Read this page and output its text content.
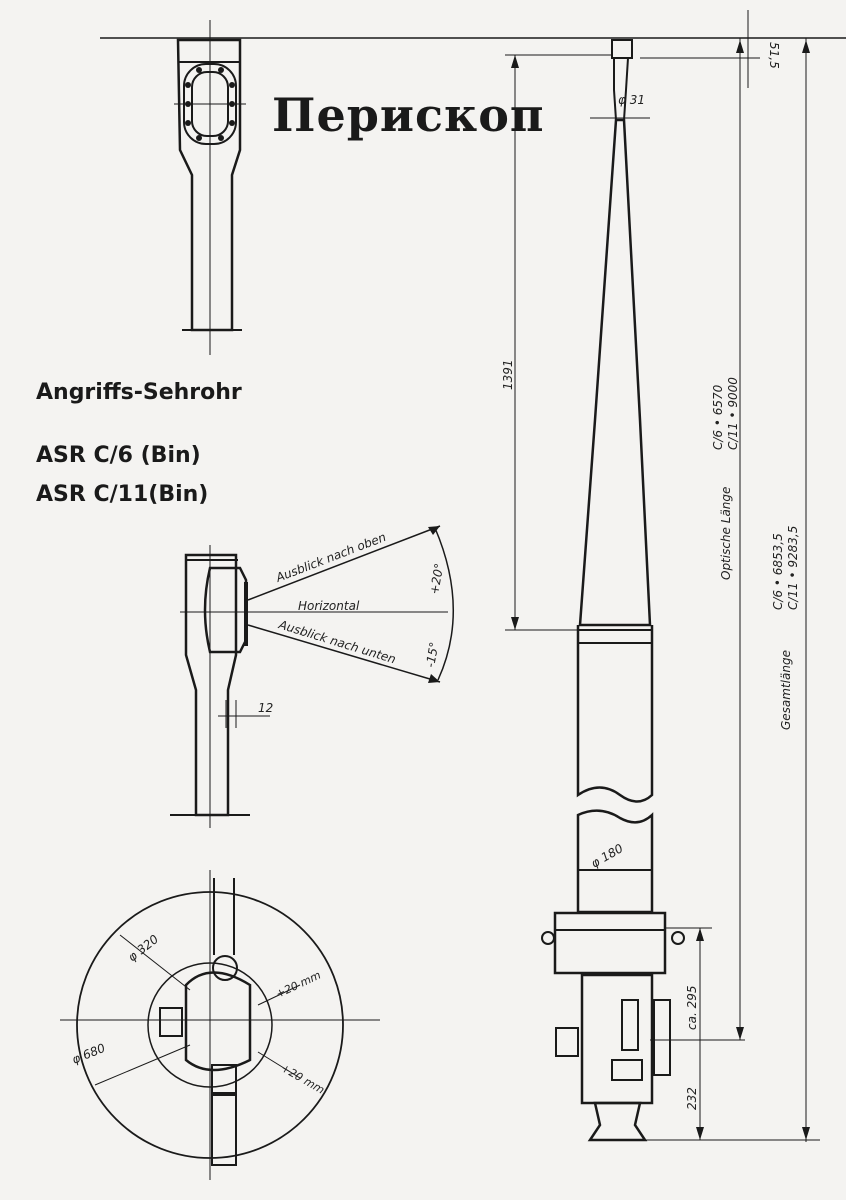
Перископ
Angriffs-Sehrohr
ASR C/6 (Bin)
ASR C/11(Bin)
Ausblick nach oben
Horizontal
Ausblick nach unten
+20°
-15°
12
φ 320
φ 680
+20 mm
+20 mm
51,5
φ 31
1391
φ 180
C/6 • 6570 C/11 • 9000
Optische Länge	C/6 • 6853,5 C/11 • 9283,5
Gesamtlänge
ca. 295
232
